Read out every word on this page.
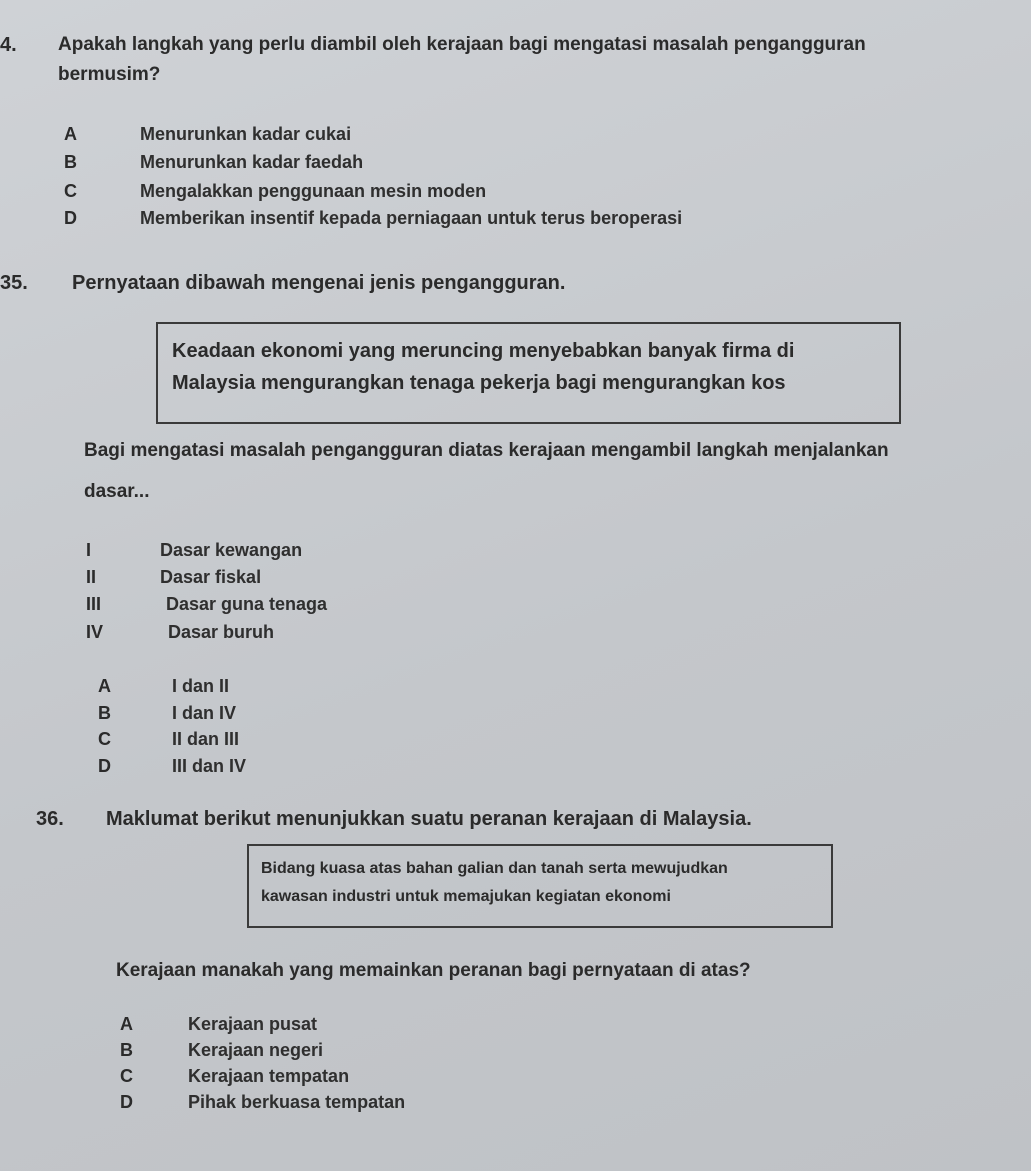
4. Apakah langkah yang perlu diambil oleh kerajaan bagi mengatasi masalah pengangguran
bermusim?
A	Menurunkan kadar cukai
B	Menurunkan kadar faedah
C	Mengalakkan penggunaan mesin moden
D	Memberikan insentif kepada perniagaan untuk terus beroperasi
35. Pernyataan dibawah mengenai jenis pengangguran.
Keadaan ekonomi yang meruncing menyebabkan banyak firma di
Malaysia mengurangkan tenaga pekerja bagi mengurangkan kos
Bagi mengatasi masalah pengangguran diatas kerajaan mengambil langkah menjalankan
dasar...
I	Dasar kewangan
II	Dasar fiskal
III	Dasar guna tenaga
IV	Dasar buruh
A	I dan II
B	I dan IV
C	II dan III
D	III dan IV
36. Maklumat berikut menunjukkan suatu peranan kerajaan di Malaysia.
Bidang kuasa atas bahan galian dan tanah serta mewujudkan
kawasan industri untuk memajukan kegiatan ekonomi
Kerajaan manakah yang memainkan peranan bagi pernyataan di atas?
A	Kerajaan pusat
B	Kerajaan negeri
C	Kerajaan tempatan
D	Pihak berkuasa tempatan
